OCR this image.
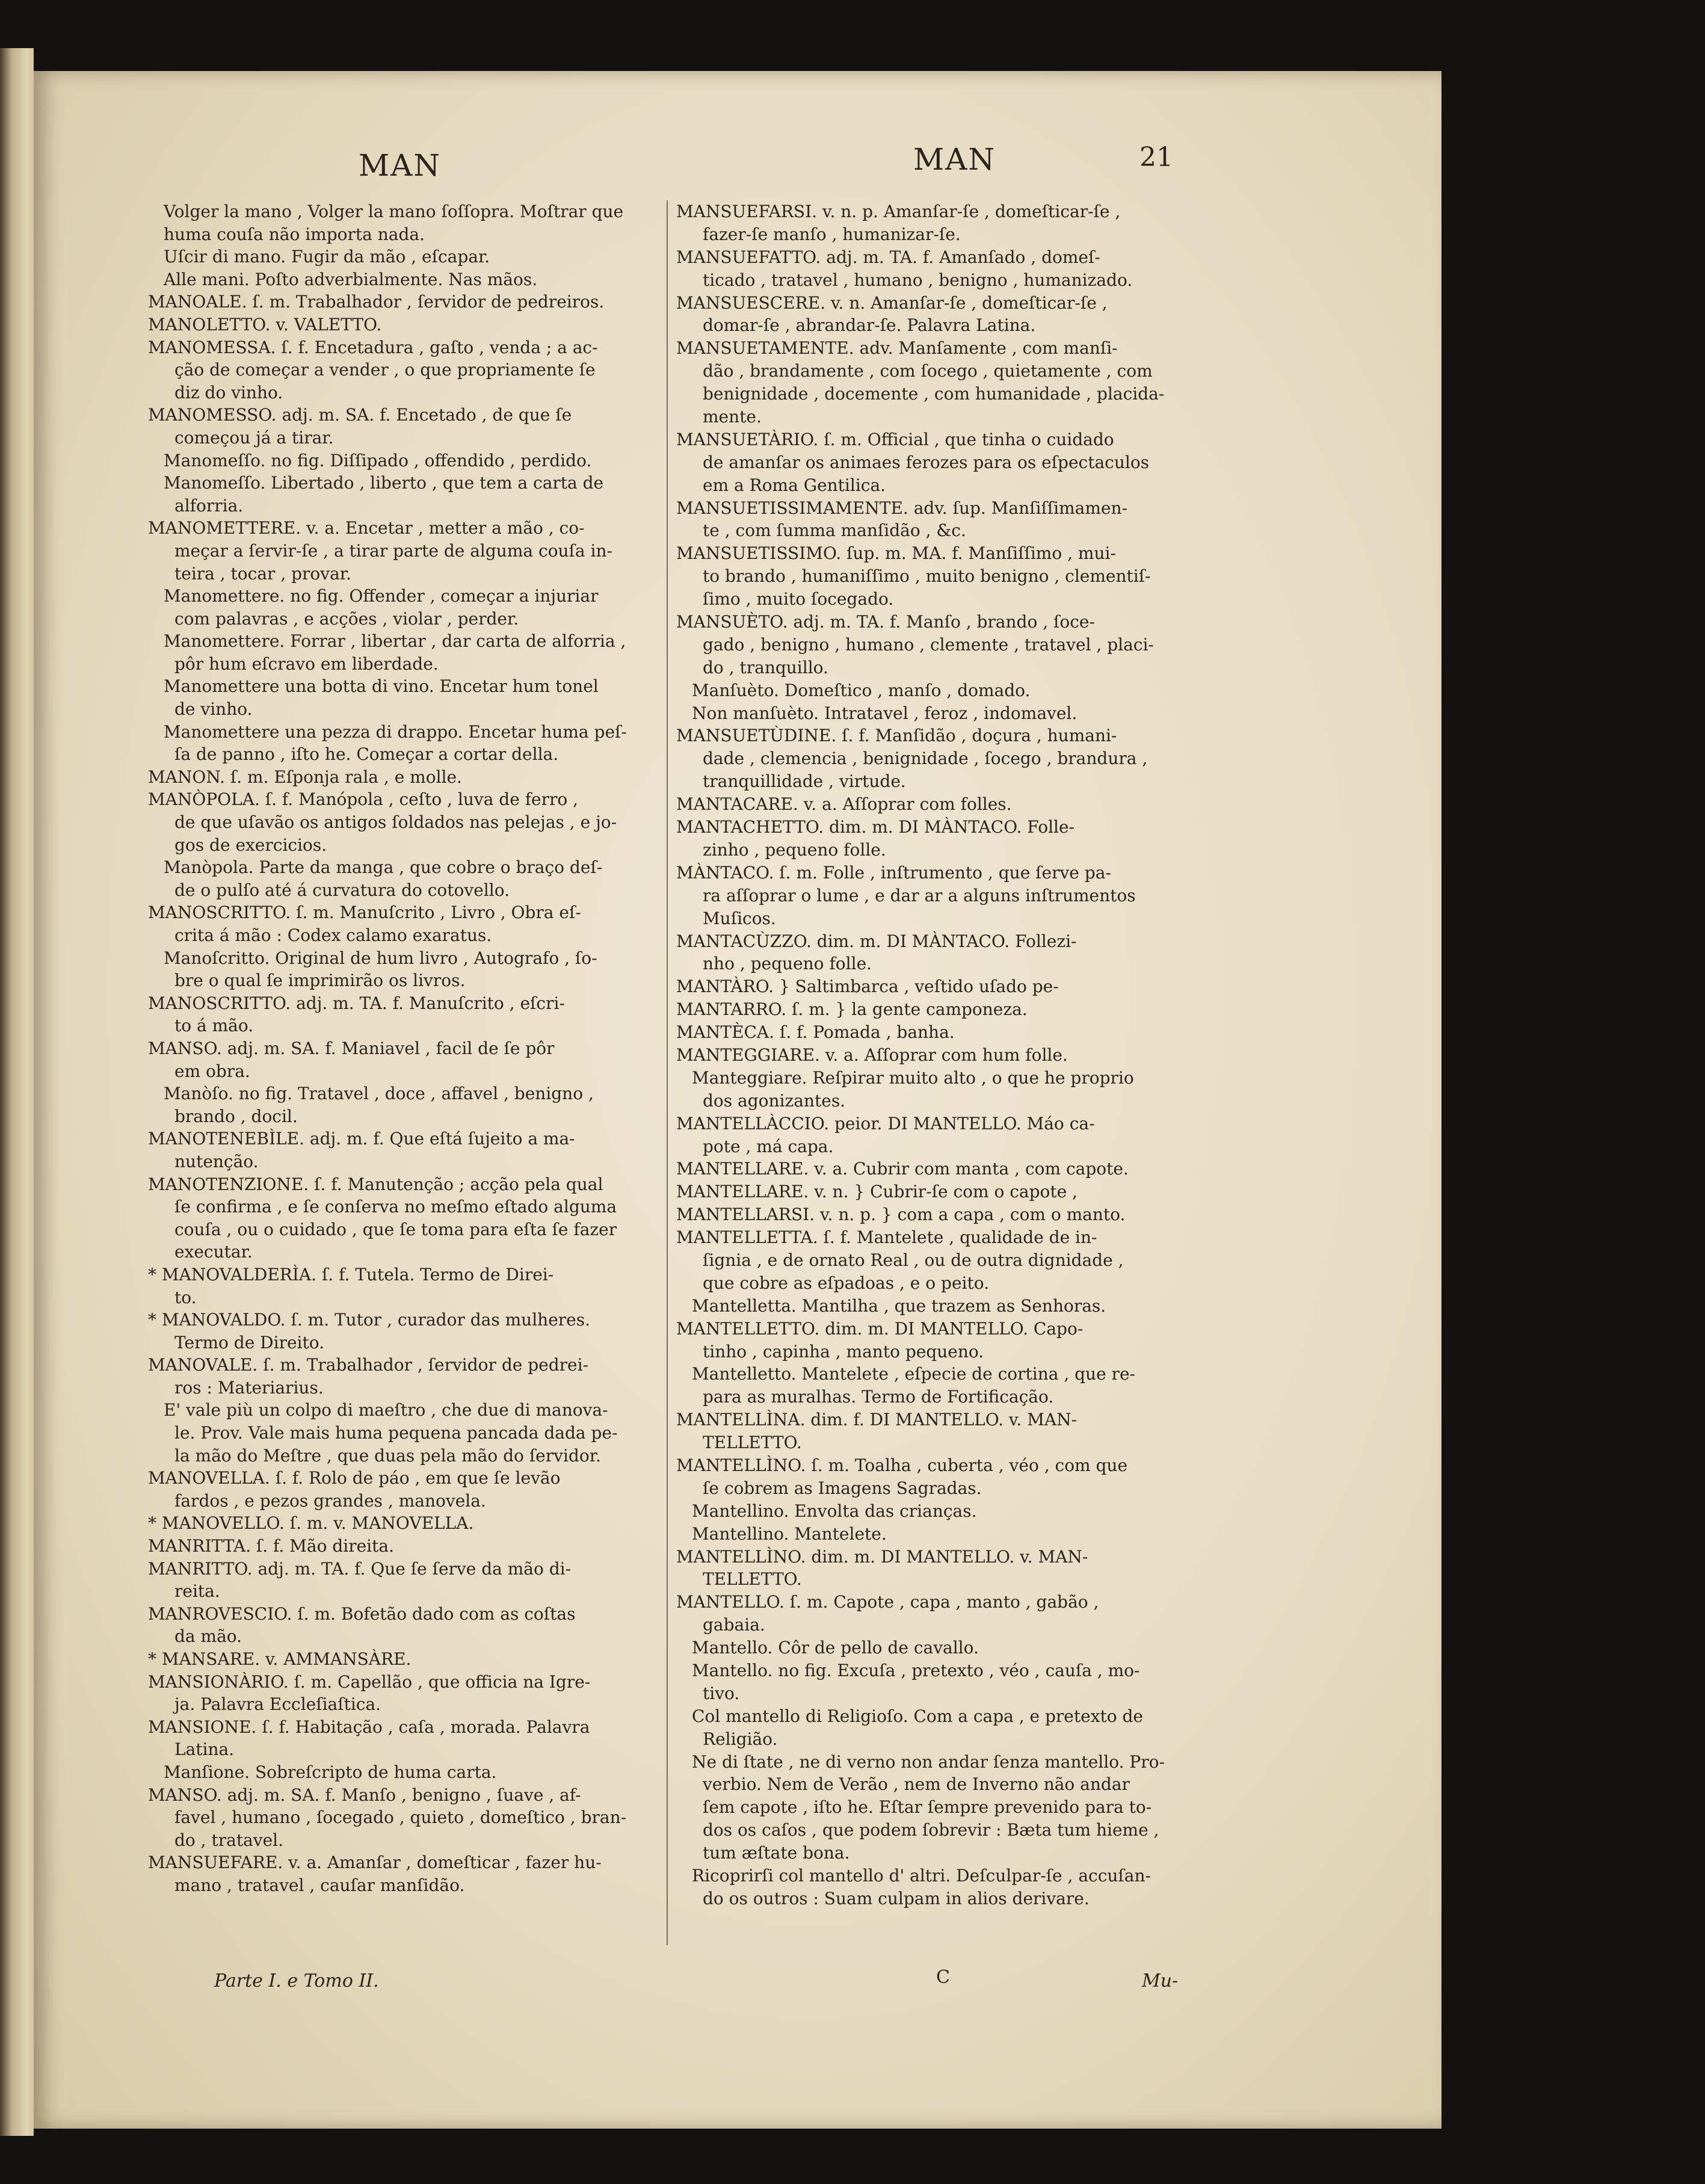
MAN	MAN	21
Volger la mano , Volger la mano ſoſſopra. Moſtrar que
huma couſa não importa nada.
Uſcir di mano. Fugir da mão , eſcapar.
Alle mani. Poſto adverbialmente. Nas mãos.
MANOALE. ſ. m. Trabalhador , ſervidor de pedreiros.
MANOLETTO. v. VALETTO.
MANOMESSA. ſ. f. Encetadura , gaſto , venda ; a ac-
ção de começar a vender , o que propriamente ſe
diz do vinho.
MANOMESSO. adj. m. SA. f. Encetado , de que ſe
começou já a tirar.
Manomeſſo. no fig. Diſſipado , offendido , perdido.
Manomeſſo. Libertado , liberto , que tem a carta de
alforria.
MANOMETTERE. v. a. Encetar , metter a mão , co-
meçar a ſervir-ſe , a tirar parte de alguma couſa in-
teira , tocar , provar.
Manomettere. no fig. Offender , começar a injuriar
com palavras , e acções , violar , perder.
Manomettere. Forrar , libertar , dar carta de alforria ,
pôr hum eſcravo em liberdade.
Manomettere una botta di vino. Encetar hum tonel
de vinho.
Manomettere una pezza di drappo. Encetar huma peſ-
ſa de panno , iſto he. Começar a cortar della.
MANON. ſ. m. Eſponja rala , e molle.
MANÒPOLA. ſ. f. Manópola , ceſto , luva de ferro ,
de que uſavão os antigos ſoldados nas pelejas , e jo-
gos de exercicios.
Manòpola. Parte da manga , que cobre o braço deſ-
de o pulſo até á curvatura do cotovello.
MANOSCRITTO. ſ. m. Manuſcrito , Livro , Obra eſ-
crita á mão : Codex calamo exaratus.
Manoſcritto. Original de hum livro , Autografo , ſo-
bre o qual ſe imprimirão os livros.
MANOSCRITTO. adj. m. TA. f. Manuſcrito , eſcri-
to á mão.
MANSO. adj. m. SA. f. Maniavel , facil de ſe pôr
em obra.
Manòſo. no fig. Tratavel , doce , affavel , benigno ,
brando , docil.
MANOTENEBÌLE. adj. m. f. Que eſtá ſujeito a ma-
nutenção.
MANOTENZIONE. ſ. f. Manutenção ; acção pela qual
ſe confirma , e ſe conſerva no meſmo eſtado alguma
couſa , ou o cuidado , que ſe toma para eſta ſe fazer
executar.
* MANOVALDERÌA. ſ. f. Tutela. Termo de Direi-
to.
* MANOVALDO. ſ. m. Tutor , curador das mulheres.
Termo de Direito.
MANOVALE. ſ. m. Trabalhador , ſervidor de pedrei-
ros : Materiarius.
E' vale più un colpo di maeſtro , che due di manova-
le. Prov. Vale mais huma pequena pancada dada pe-
la mão do Meſtre , que duas pela mão do ſervidor.
MANOVELLA. ſ. f. Rolo de páo , em que ſe levão
fardos , e pezos grandes , manovela.
* MANOVELLO. ſ. m. v. MANOVELLA.
MANRITTA. ſ. f. Mão direita.
MANRITTO. adj. m. TA. f. Que ſe ſerve da mão di-
reita.
MANROVESCIO. ſ. m. Bofetão dado com as coſtas
da mão.
* MANSARE. v. AMMANSÀRE.
MANSIONÀRIO. ſ. m. Capellão , que officia na Igre-
ja. Palavra Eccleſiaſtica.
MANSIONE. ſ. f. Habitação , caſa , morada. Palavra
Latina.
Manſione. Sobreſcripto de huma carta.
MANSO. adj. m. SA. f. Manſo , benigno , ſuave , af-
favel , humano , ſocegado , quieto , domeſtico , bran-
do , tratavel.
MANSUEFARE. v. a. Amanſar , domeſticar , fazer hu-
mano , tratavel , cauſar manſidão.
MANSUEFARSI. v. n. p. Amanſar-ſe , domeſticar-ſe ,
fazer-ſe manſo , humanizar-ſe.
MANSUEFATTO. adj. m. TA. f. Amanſado , domeſ-
ticado , tratavel , humano , benigno , humanizado.
MANSUESCERE. v. n. Amanſar-ſe , domeſticar-ſe ,
domar-ſe , abrandar-ſe. Palavra Latina.
MANSUETAMENTE. adv. Manſamente , com manſi-
dão , brandamente , com ſocego , quietamente , com
benignidade , docemente , com humanidade , placida-
mente.
MANSUETÀRIO. ſ. m. Official , que tinha o cuidado
de amanſar os animaes ferozes para os eſpectaculos
em a Roma Gentilica.
MANSUETISSIMAMENTE. adv. ſup. Manſiſſimamen-
te , com ſumma manſidão , &c.
MANSUETISSIMO. ſup. m. MA. f. Manſiſſimo , mui-
to brando , humaniſſimo , muito benigno , clementiſ-
ſimo , muito ſocegado.
MANSUÈTO. adj. m. TA. f. Manſo , brando , ſoce-
gado , benigno , humano , clemente , tratavel , placi-
do , tranquillo.
Manſuèto. Domeſtico , manſo , domado.
Non manſuèto. Intratavel , feroz , indomavel.
MANSUETÙDINE. ſ. f. Manſidão , doçura , humani-
dade , clemencia , benignidade , ſocego , brandura ,
tranquillidade , virtude.
MANTACARE. v. a. Aſſoprar com folles.
MANTACHETTO. dim. m. DI MÀNTACO. Folle-
zinho , pequeno folle.
MÀNTACO. ſ. m. Folle , inſtrumento , que ſerve pa-
ra aſſoprar o lume , e dar ar a alguns inſtrumentos
Muſicos.
MANTACÙZZO. dim. m. DI MÀNTACO. Follezi-
nho , pequeno folle.
MANTÀRO. } Saltimbarca , veſtido uſado pe-
MANTARRO. ſ. m. } la gente camponeza.
MANTÈCA. ſ. f. Pomada , banha.
MANTEGGIARE. v. a. Aſſoprar com hum folle.
Manteggiare. Reſpirar muito alto , o que he proprio
dos agonizantes.
MANTELLÀCCIO. peior. DI MANTELLO. Máo ca-
pote , má capa.
MANTELLARE. v. a. Cubrir com manta , com capote.
MANTELLARE. v. n. } Cubrir-ſe com o capote ,
MANTELLARSI. v. n. p. } com a capa , com o manto.
MANTELLETTA. ſ. f. Mantelete , qualidade de in-
ſignia , e de ornato Real , ou de outra dignidade ,
que cobre as eſpadoas , e o peito.
Mantelletta. Mantilha , que trazem as Senhoras.
MANTELLETTO. dim. m. DI MANTELLO. Capo-
tinho , capinha , manto pequeno.
Mantelletto. Mantelete , eſpecie de cortina , que re-
para as muralhas. Termo de Fortificação.
MANTELLÌNA. dim. f. DI MANTELLO. v. MAN-
TELLETTO.
MANTELLÌNO. ſ. m. Toalha , cuberta , véo , com que
ſe cobrem as Imagens Sagradas.
Mantellino. Envolta das crianças.
Mantellino. Mantelete.
MANTELLÌNO. dim. m. DI MANTELLO. v. MAN-
TELLETTO.
MANTELLO. ſ. m. Capote , capa , manto , gabão ,
gabaia.
Mantello. Côr de pello de cavallo.
Mantello. no fig. Excuſa , pretexto , véo , cauſa , mo-
tivo.
Col mantello di Religioſo. Com a capa , e pretexto de
Religião.
Ne di ſtate , ne di verno non andar ſenza mantello. Pro-
verbio. Nem de Verão , nem de Inverno não andar
ſem capote , iſto he. Eſtar ſempre prevenido para to-
dos os caſos , que podem ſobrevir : Bæta tum hieme ,
tum æſtate bona.
Ricoprirſi col mantello d' altri. Deſculpar-ſe , accuſan-
do os outros : Suam culpam in alios derivare.
Parte I. e Tomo II.	C	Mu-
